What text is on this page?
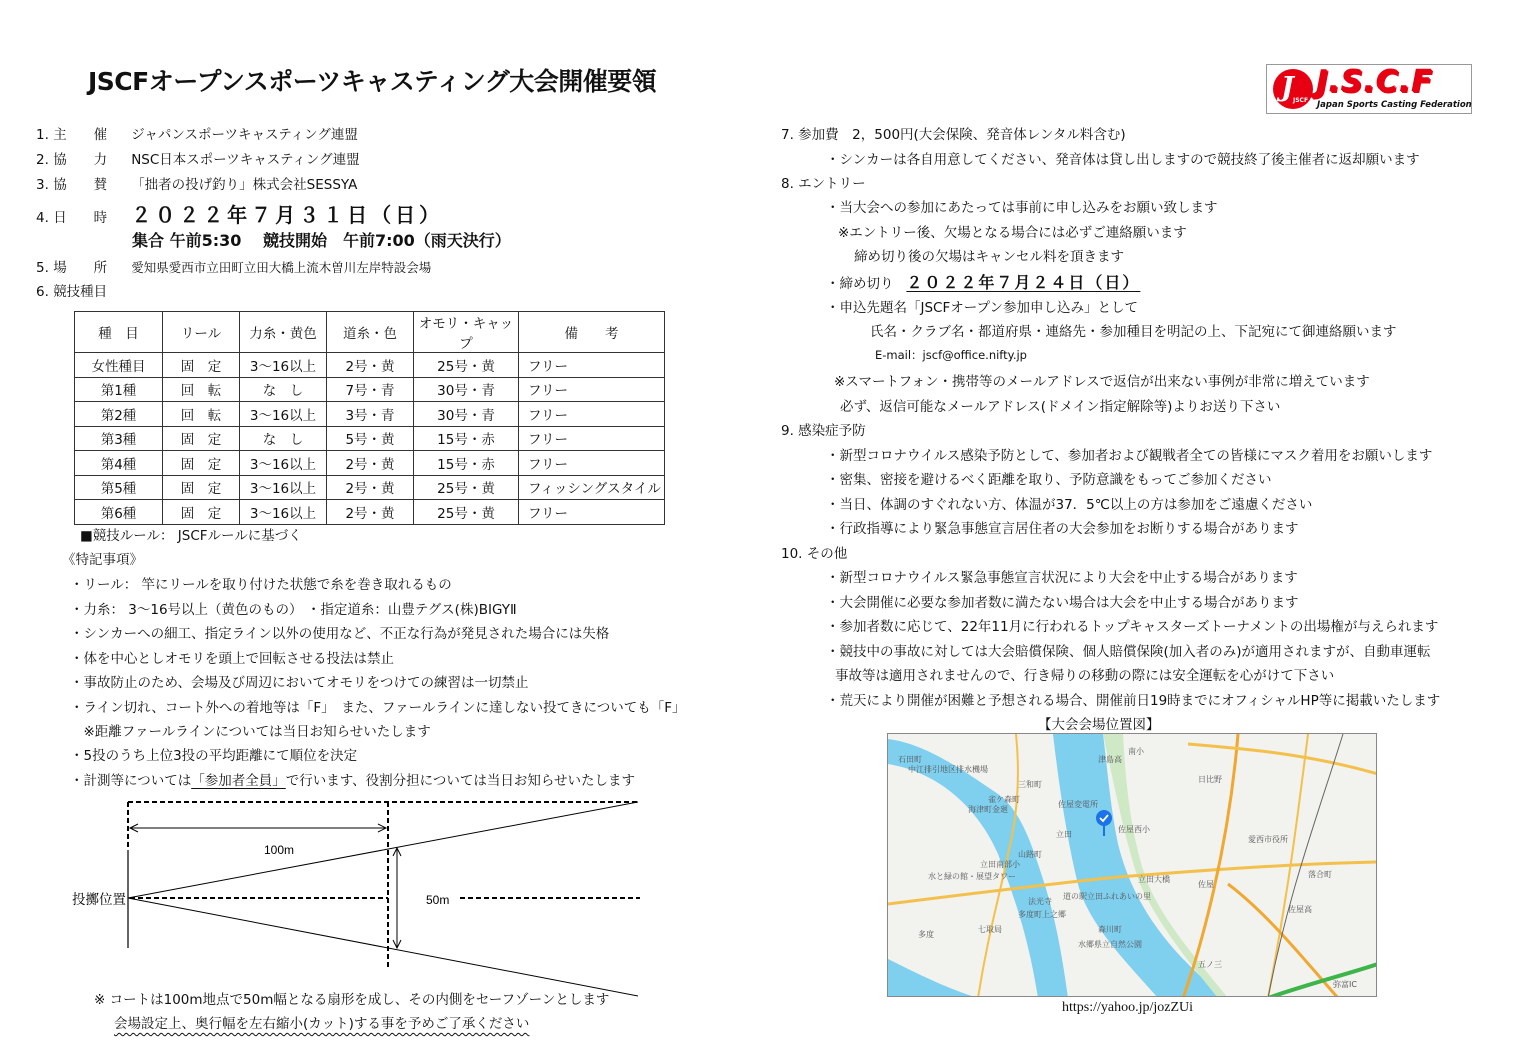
JSCFオープンスポーツキャスティング大会開催要領	J JSCF
J.S.C.F
Japan Sports Casting Federation
1. 主　　催 ジャパンスポーツキャスティング連盟
2. 協　　力 NSC日本スポーツキャスティング連盟
3. 協　　賛 「拙者の投げ釣り」株式会社SESSYA
4. 日　　時 ２０２２年７月３１日（日）
集合 午前5:30　 競技開始　午前7:00（雨天決行）
5. 場　　所 愛知県愛西市立田町立田大橋上流木曽川左岸特設会場
6. 競技種目
種　目	リール	力糸・黄色	道糸・色	オモリ・キャップ	備　　考
女性種目	固　定	3～16以上	2号・黄	25号・黄	フリー
第1種	回　転	な　し	7号・青	30号・青	フリー
第2種	回　転	3～16以上	3号・青	30号・青	フリー
第3種	固　定	な　し	5号・黄	15号・赤	フリー
第4種	固　定	3～16以上	2号・黄	15号・赤	フリー
第5種	固　定	3～16以上	2号・黄	25号・黄	フィッシングスタイル
第6種	固　定	3～16以上	2号・黄	25号・黄	フリー
■競技ルール： JSCFルールに基づく
《特記事項》
・リール： 竿にリールを取り付けた状態で糸を巻き取れるもの
・力糸： 3～16号以上（黄色のもの） ・指定道糸：山豊テグス(株)BIGYⅡ
・シンカーへの細工、指定ライン以外の使用など、不正な行為が発見された場合には失格
・体を中心としオモリを頭上で回転させる投法は禁止
・事故防止のため、会場及び周辺においてオモリをつけての練習は一切禁止
・ライン切れ、コート外への着地等は「F」　また、ファールラインに達しない投てきについても「F」
　※距離ファールラインについては当日お知らせいたします
・5投のうち上位3投の平均距離にて順位を決定
・計測等については「参加者全員」で行います、役割分担については当日お知らせいたします
100m
50m
投擲位置
※ コートは100m地点で50m幅となる扇形を成し、その内側をセーフゾーンとします
会場設定上、奥行幅を左右縮小(カット)する事を予めご了承ください
7. 参加費　2，500円(大会保険、発音体レンタル料含む)
・シンカーは各自用意してください、発音体は貸し出しますので競技終了後主催者に返却願います
8. エントリー
・当大会への参加にあたっては事前に申し込みをお願い致します
※エントリー後、欠場となる場合には必ずご連絡願います
締め切り後の欠場はキャンセル料を頂きます
・締め切り ２０２２年７月２４日（日）
・申込先題名「JSCFオープン参加申し込み」として
氏名・クラブ名・都道府県・連絡先・参加種目を明記の上、下記宛にて御連絡願います
E-mail：jscf@office.nifty.jp
※スマートフォン・携帯等のメールアドレスで返信が出来ない事例が非常に増えています
必ず、返信可能なメールアドレス(ドメイン指定解除等)よりお送り下さい
9. 感染症予防
・新型コロナウイルス感染予防として、参加者および観戦者全ての皆様にマスク着用をお願いします
・密集、密接を避けるべく距離を取り、予防意識をもってご参加ください
・当日、体調のすぐれない方、体温が37．5℃以上の方は参加をご遠慮ください
・行政指導により緊急事態宣言居住者の大会参加をお断りする場合があります
10. その他
・新型コロナウイルス緊急事態宣言状況により大会を中止する場合があります
・大会開催に必要な参加者数に満たない場合は大会を中止する場合があります
・参加者数に応じて、22年11月に行われるトップキャスターズトーナメントの出場権が与えられます
・競技中の事故に対しては大会賠償保険、個人賠償保険(加入者のみ)が適用されますが、自動車運転
事故等は適用されませんので、行き帰りの移動の際には安全運転を心がけて下さい
・荒天により開催が困難と予想される場合、開催前日19時までにオフィシャルHP等に掲載いたします
【大会会場位置図】
中江排引地区排水機場
海津町金廻
三和町
立田
石田町
雀ケ森町
津島高
南小
日比野
佐屋変電所
佐屋西小
愛西市役所
山路町
立田南部小
水と緑の館・展望タワー	立田大橋
多度町上之郷
七取局
多度
水郷県立自然公園
道の駅立田ふれあいの里
法光寺
佐屋
森川町
五ノ三
佐屋高
落合町
弥富IC
https://yahoo.jp/jozZUi
